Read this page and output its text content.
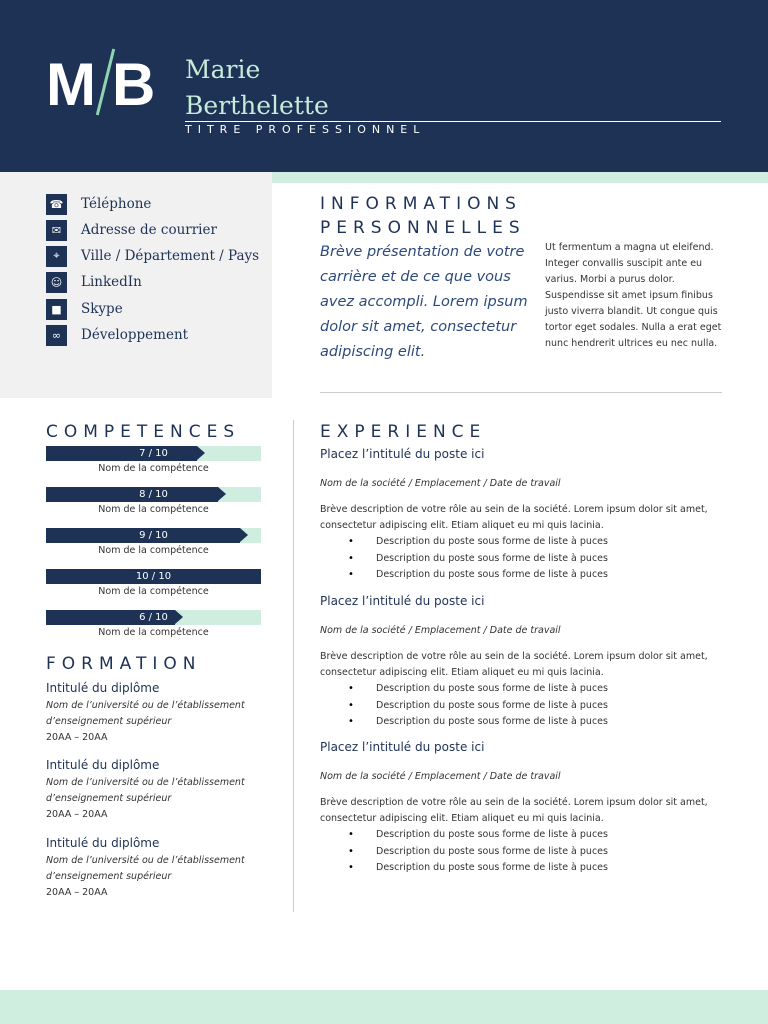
M B Marie
Berthelette
TITRE PROFESSIONNEL
☎ Téléphone
✉	Adresse de courrier
⌖	Ville / Département / Pays
☺	LinkedIn
■	Skype
∞	Développement
INFORMATIONS
PERSONNELLES
Brève présentation de votre carrière et de ce que vous avez accompli. Lorem ipsum dolor sit amet, consectetur adipiscing elit.
Ut fermentum a magna ut eleifend. Integer convallis suscipit ante eu varius. Morbi a purus dolor. Suspendisse sit amet ipsum finibus justo viverra blandit. Ut congue quis tortor eget sodales. Nulla a erat eget nunc hendrerit ultrices eu nec nulla.
COMPETENCES
7 / 10
Nom de la compétence
8 / 10
Nom de la compétence
9 / 10
Nom de la compétence
10 / 10
Nom de la compétence
6 / 10
Nom de la compétence
FORMATION
Intitulé du diplôme
Nom de l’université ou de l’établissement d’enseignement supérieur
20AA – 20AA
Intitulé du diplôme
Nom de l’université ou de l’établissement d’enseignement supérieur
20AA – 20AA
Intitulé du diplôme
Nom de l’université ou de l’établissement d’enseignement supérieur
20AA – 20AA
EXPERIENCE
Placez l’intitulé du poste ici
Nom de la société / Emplacement / Date de travail
Brève description de votre rôle au sein de la société. Lorem ipsum dolor sit amet, consectetur adipiscing elit. Etiam aliquet eu mi quis lacinia.
• Description du poste sous forme de liste à puces
• Description du poste sous forme de liste à puces
• Description du poste sous forme de liste à puces
Placez l’intitulé du poste ici
Nom de la société / Emplacement / Date de travail
Brève description de votre rôle au sein de la société. Lorem ipsum dolor sit amet, consectetur adipiscing elit. Etiam aliquet eu mi quis lacinia.
• Description du poste sous forme de liste à puces
• Description du poste sous forme de liste à puces
• Description du poste sous forme de liste à puces
Placez l’intitulé du poste ici
Nom de la société / Emplacement / Date de travail
Brève description de votre rôle au sein de la société. Lorem ipsum dolor sit amet, consectetur adipiscing elit. Etiam aliquet eu mi quis lacinia.
• Description du poste sous forme de liste à puces
• Description du poste sous forme de liste à puces
• Description du poste sous forme de liste à puces
